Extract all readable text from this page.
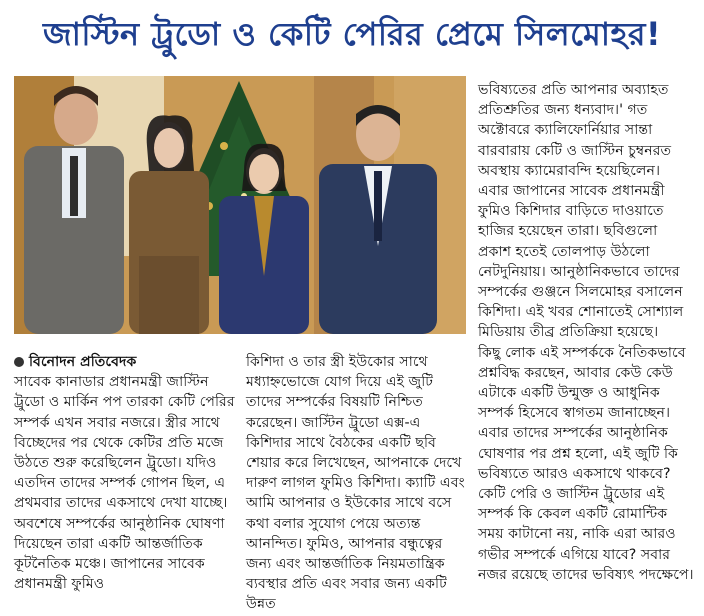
জাস্টিন ট্রুডো ও কেটি পেরির প্রেমে সিলমোহর!
বিনোদন প্রতিবেদক

সাবেক কানাডার প্রধানমন্ত্রী জাস্টিন ট্রুডো ও মার্কিন পপ তারকা কেটি পেরির সম্পর্ক এখন সবার নজরে। স্ত্রীর সাথে বিচ্ছেদের পর থেকে কেটির প্রতি মজে উঠতে শুরু করেছিলেন ট্রুডো। যদিও এতদিন তাদের সম্পর্ক গোপন ছিল, এ প্রথমবার তাদের একসাথে দেখা যাচ্ছে। অবশেষে সম্পর্কের আনুষ্ঠানিক ঘোষণা দিয়েছেন তারা একটি আন্তর্জাতিক কূটনৈতিক মঞ্চে। জাপানের সাবেক প্রধানমন্ত্রী ফুমিও

কিশিদা ও তার স্ত্রী ইউকোর সাথে মধ্যাহ্নভোজে যোগ দিয়ে এই জুটি তাদের সম্পর্কের বিষয়টি নিশ্চিত করেছেন। জাস্টিন ট্রুডো এক্স-এ কিশিদার সাথে বৈঠকের একটি ছবি শেয়ার করে লিখেছেন, আপনাকে দেখে দারুণ লাগল ফুমিও কিশিদা। ক্যাটি এবং আমি আপনার ও ইউকোর সাথে বসে কথা বলার সুযোগ পেয়ে অত্যন্ত আনন্দিত। ফুমিও, আপনার বন্ধুত্বের জন্য এবং আন্তর্জাতিক নিয়মতান্ত্রিক ব্যবস্থার প্রতি এবং সবার জন্য একটি উন্নত

ভবিষ্যতের প্রতি আপনার অব্যাহত প্রতিশ্রুতির জন্য ধন্যবাদ।' গত অক্টোবরে ক্যালিফোর্নিয়ার সান্তা বারবারায় কেটি ও জাস্টিন চুম্বনরত অবস্থায় ক্যামেরাবন্দি হয়েছিলেন। এবার জাপানের সাবেক প্রধানমন্ত্রী ফুমিও কিশিদার বাড়িতে দাওয়াতে হাজির হয়েছেন তারা। ছবিগুলো প্রকাশ হতেই তোলপাড় উঠলো নেটদুনিয়ায়। আনুষ্ঠানিকভাবে তাদের সম্পর্কের গুঞ্জনে সিলমোহর বসালেন কিশিদা। এই খবর শোনাতেই সোশ্যাল মিডিয়ায় তীব্র প্রতিক্রিয়া হয়েছে।

কিছু লোক এই সম্পর্ককে নৈতিকভাবে প্রশ্নবিদ্ধ করছেন, আবার কেউ কেউ এটাকে একটি উন্মুক্ত ও আধুনিক সম্পর্ক হিসেবে স্বাগতম জানাচ্ছেন। এবার তাদের সম্পর্কের আনুষ্ঠানিক ঘোষণার পর প্রশ্ন হলো, এই জুটি কি ভবিষ্যতে আরও একসাথে থাকবে? কেটি পেরি ও জাস্টিন ট্রুডোর এই সম্পর্ক কি কেবল একটি রোমান্টিক সময় কাটানো নয়, নাকি এরা আরও গভীর সম্পর্কে এগিয়ে যাবে? সবার নজর রয়েছে তাদের ভবিষ্যৎ পদক্ষেপে।
